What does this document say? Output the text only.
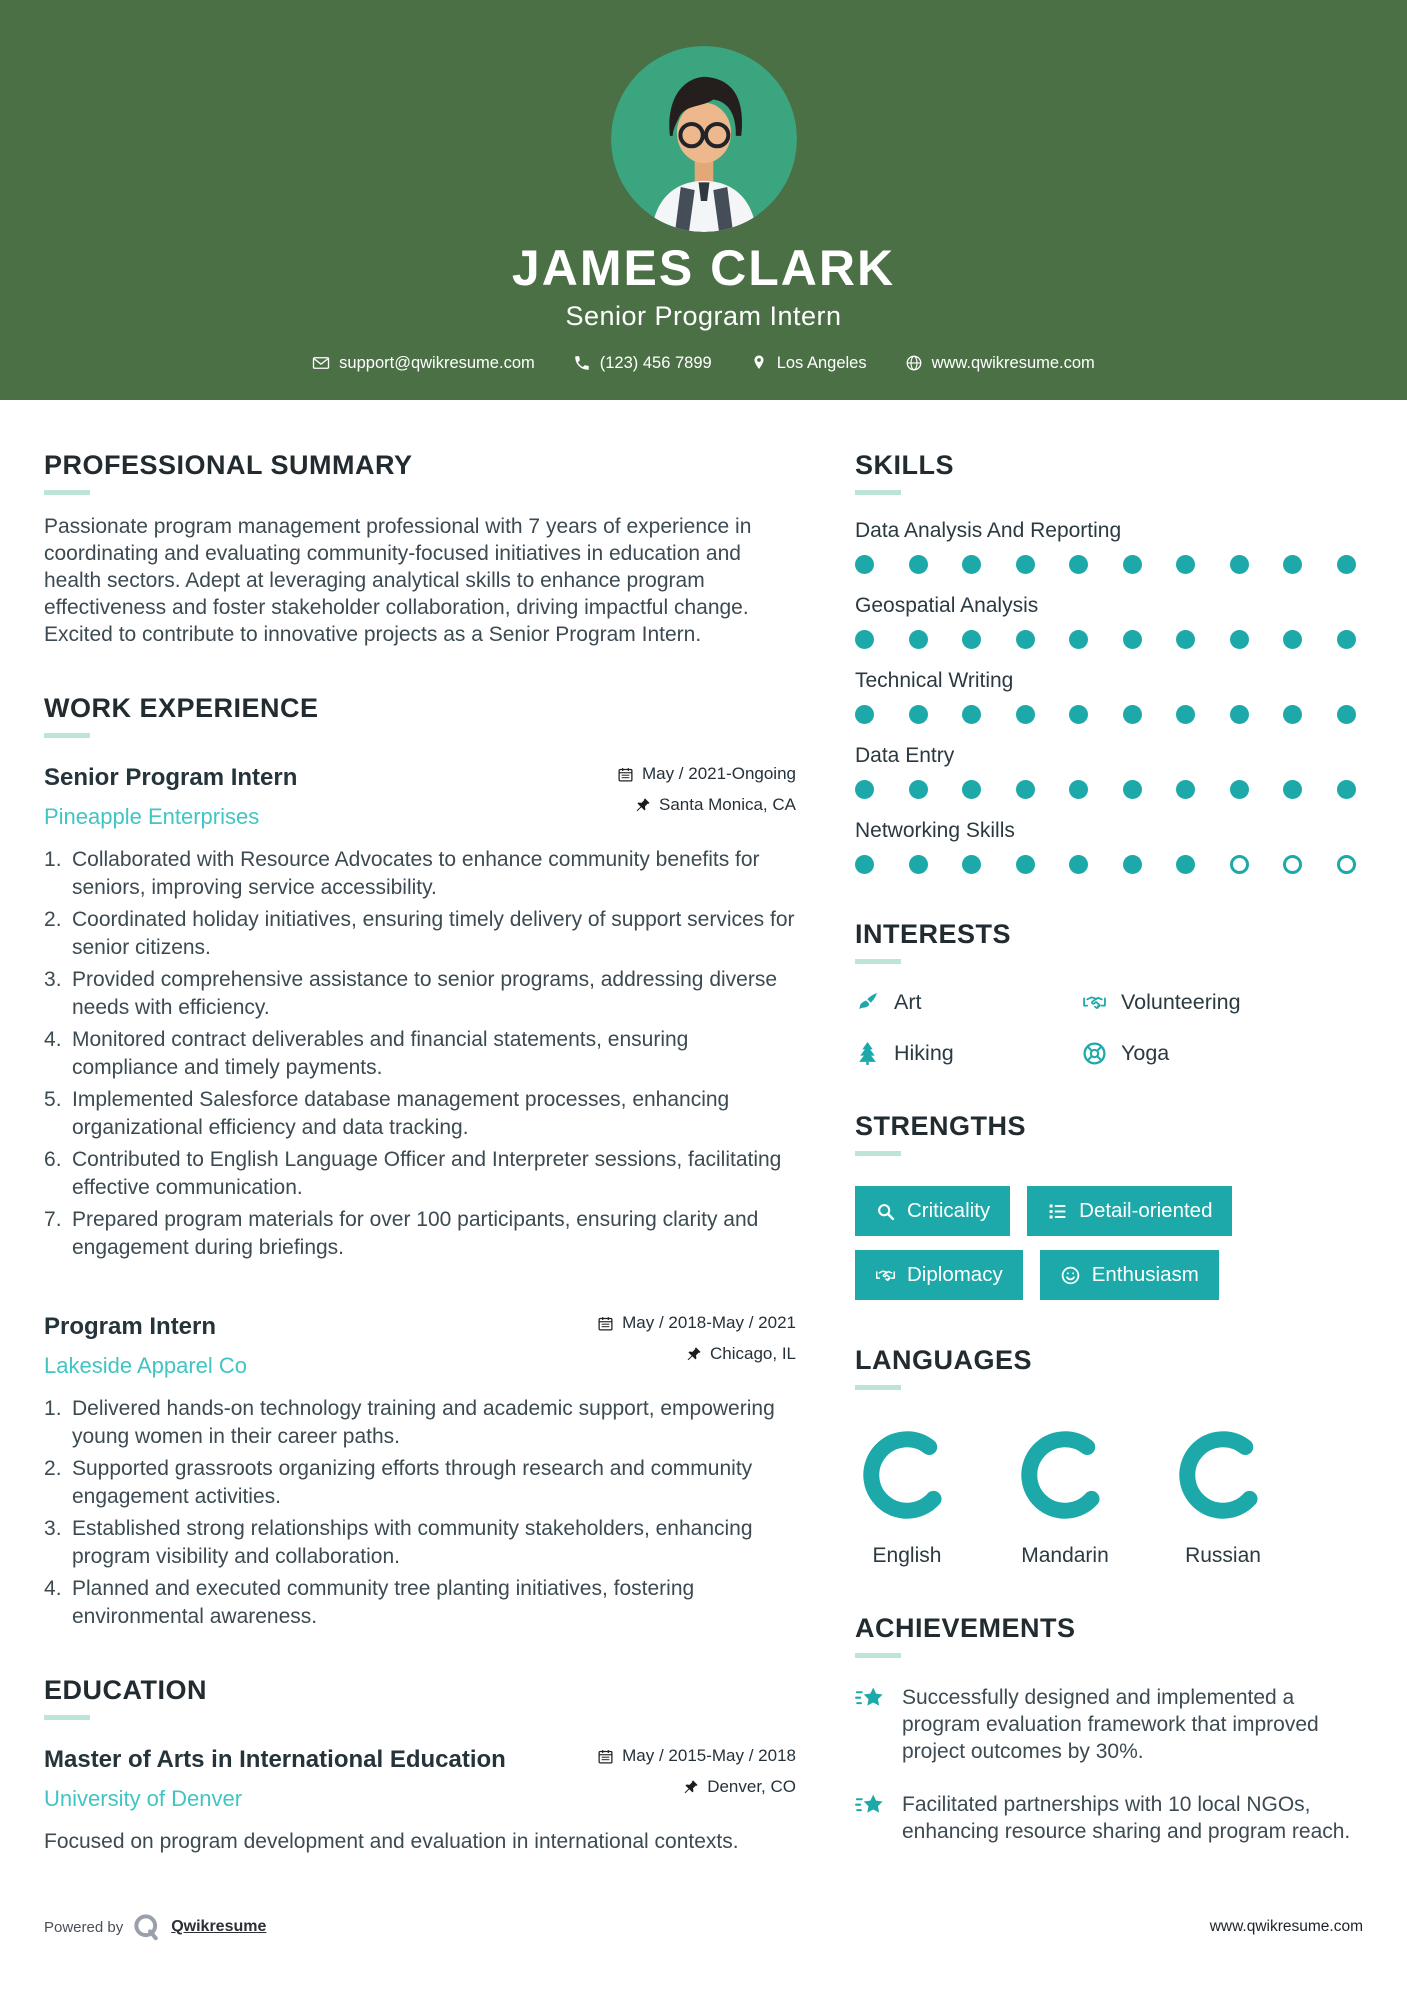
JAMES CLARK

Senior Program Intern

support@qwikresume.com	(123) 456 7899	Los Angeles	www.qwikresume.com
PROFESSIONAL SUMMARY

Passionate program management professional with 7 years of experience in coordinating and evaluating community-focused initiatives in education and health sectors. Adept at leveraging analytical skills to enhance program effectiveness and foster stakeholder collaboration, driving impactful change. Excited to contribute to innovative projects as a Senior Program Intern.

WORK EXPERIENCE
Senior Program Intern

Pineapple Enterprises

May / 2021-Ongoing
Santa Monica, CA
Collaborated with Resource Advocates to enhance community benefits for seniors, improving service accessibility.
Coordinated holiday initiatives, ensuring timely delivery of support services for senior citizens.
Provided comprehensive assistance to senior programs, addressing diverse needs with efficiency.
Monitored contract deliverables and financial statements, ensuring compliance and timely payments.
Implemented Salesforce database management processes, enhancing organizational efficiency and data tracking.
Contributed to English Language Officer and Interpreter sessions, facilitating effective communication.
Prepared program materials for over 100 participants, ensuring clarity and engagement during briefings.
Program Intern

Lakeside Apparel Co

May / 2018-May / 2021
Chicago, IL
Delivered hands-on technology training and academic support, empowering young women in their career paths.
Supported grassroots organizing efforts through research and community engagement activities.
Established strong relationships with community stakeholders, enhancing program visibility and collaboration.
Planned and executed community tree planting initiatives, fostering environmental awareness.
EDUCATION
Master of Arts in International Education

University of Denver

May / 2015-May / 2018
Denver, CO

Focused on program development and evaluation in international contexts.

SKILLS

Data Analysis And Reporting

Geospatial Analysis

Technical Writing

Data Entry

Networking Skills

INTERESTS
Art	Volunteering
Hiking	Yoga
STRENGTHS
Criticality	Detail-oriented
Diplomacy	Enthusiasm
LANGUAGES
English	Mandarin	Russian
ACHIEVEMENTS

Successfully designed and implemented a program evaluation framework that improved project outcomes by 30%.

Facilitated partnerships with 10 local NGOs, enhancing resource sharing and program reach.

Powered by	Qwikresume	www.qwikresume.com
